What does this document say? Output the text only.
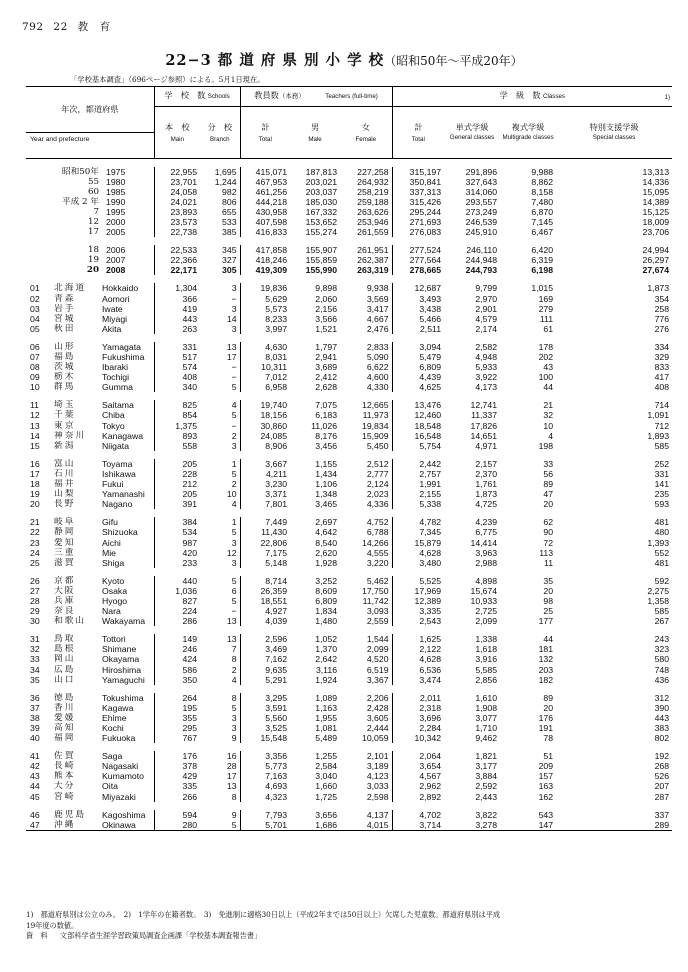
792 22 教　育
22−3 都 道 府 県 別 小 学 校（昭和50年〜平成20年）
「学校基本調査」（696ページ参照）による。5月1日現在。
年次，都道府県			学　校　数 Schools		教員数（本務） Teachers (full-time)			学　級　数 Classes 1)			

			本　校	分　校	計	男	女	計	単式学級	複式学級	特別支援学級
Year and prefecture			Main	Branch	Total	Male	Female	Total	General classes	Multigrade classes	Special classes

昭和50年		1975	22,955	1,695	415,071	187,813	227,258	315,197	291,896	9,988	13,313
55		1980	23,701	1,244	467,953	203,021	264,932	350,841	327,643	8,862	14,336
60		1985	24,058	982	461,256	203,037	258,219	337,313	314,060	8,158	15,095
平成 2 年		1990	24,021	806	444,218	185,030	259,188	315,426	293,557	7,480	14,389
7		1995	23,893	655	430,958	167,332	263,626	295,244	273,249	6,870	15,125
12		2000	23,573	533	407,598	153,652	253,946	271,693	246,539	7,145	18,009
17		2005	22,738	385	416,833	155,274	261,559	276,083	245,910	6,467	23,706

18		2006	22,533	345	417,858	155,907	261,951	277,524	246,110	6,420	24,994
19		2007	22,366	327	418,246	155,859	262,387	277,564	244,948	6,319	26,297
20		2008	22,171	305	419,309	155,990	263,319	278,665	244,793	6,198	27,674

01	北海道	Hokkaido	1,304	3	19,836	9,898	9,938	12,687	9,799	1,015	1,873
02	青森	Aomori	366	−	5,629	2,060	3,569	3,493	2,970	169	354
03	岩手	Iwate	419	3	5,573	2,156	3,417	3,438	2,901	279	258
04	宮城	Miyagi	443	14	8,233	3,566	4,667	5,466	4,579	111	776
05	秋田	Akita	263	3	3,997	1,521	2,476	2,511	2,174	61	276

06	山形	Yamagata	331	13	4,630	1,797	2,833	3,094	2,582	178	334
07	福島	Fukushima	517	17	8,031	2,941	5,090	5,479	4,948	202	329
08	茨城	Ibaraki	574	−	10,311	3,689	6,622	6,809	5,933	43	833
09	栃木	Tochigi	408	−	7,012	2,412	4,600	4,439	3,922	100	417
10	群馬	Gumma	340	5	6,958	2,628	4,330	4,625	4,173	44	408

11	埼玉	Saitama	825	4	19,740	7,075	12,665	13,476	12,741	21	714
12	千葉	Chiba	854	5	18,156	6,183	11,973	12,460	11,337	32	1,091
13	東京	Tokyo	1,375	−	30,860	11,026	19,834	18,548	17,826	10	712
14	神奈川	Kanagawa	893	2	24,085	8,176	15,909	16,548	14,651	4	1,893
15	新潟	Niigata	558	3	8,906	3,456	5,450	5,754	4,971	198	585

16	富山	Toyama	205	1	3,667	1,155	2,512	2,442	2,157	33	252
17	石川	Ishikawa	228	5	4,211	1,434	2,777	2,757	2,370	56	331
18	福井	Fukui	212	2	3,230	1,106	2,124	1,991	1,761	89	141
19	山梨	Yamanashi	205	10	3,371	1,348	2,023	2,155	1,873	47	235
20	長野	Nagano	391	4	7,801	3,465	4,336	5,338	4,725	20	593

21	岐阜	Gifu	384	1	7,449	2,697	4,752	4,782	4,239	62	481
22	静岡	Shizuoka	534	5	11,430	4,642	6,788	7,345	6,775	90	480
23	愛知	Aichi	987	3	22,806	8,540	14,266	15,879	14,414	72	1,393
24	三重	Mie	420	12	7,175	2,620	4,555	4,628	3,963	113	552
25	滋賀	Shiga	233	3	5,148	1,928	3,220	3,480	2,988	11	481

26	京都	Kyoto	440	5	8,714	3,252	5,462	5,525	4,898	35	592
27	大阪	Osaka	1,036	6	26,359	8,609	17,750	17,969	15,674	20	2,275
28	兵庫	Hyogo	827	5	18,551	6,809	11,742	12,389	10,933	98	1,358
29	奈良	Nara	224	−	4,927	1,834	3,093	3,335	2,725	25	585
30	和歌山	Wakayama	286	13	4,039	1,480	2,559	2,543	2,099	177	267

31	鳥取	Tottori	149	13	2,596	1,052	1,544	1,625	1,338	44	243
32	島根	Shimane	246	7	3,469	1,370	2,099	2,122	1,618	181	323
33	岡山	Okayama	424	8	7,162	2,642	4,520	4,628	3,916	132	580
34	広島	Hiroshima	586	2	9,635	3,116	6,519	6,536	5,585	203	748
35	山口	Yamaguchi	350	4	5,291	1,924	3,367	3,474	2,856	182	436

36	徳島	Tokushima	264	8	3,295	1,089	2,206	2,011	1,610	89	312
37	香川	Kagawa	195	5	3,591	1,163	2,428	2,318	1,908	20	390
38	愛媛	Ehime	355	3	5,560	1,955	3,605	3,696	3,077	176	443
39	高知	Kochi	295	3	3,525	1,081	2,444	2,284	1,710	191	383
40	福岡	Fukuoka	767	9	15,548	5,489	10,059	10,342	9,462	78	802

41	佐賀	Saga	176	16	3,356	1,255	2,101	2,064	1,821	51	192
42	長崎	Nagasaki	378	28	5,773	2,584	3,189	3,654	3,177	209	268
43	熊本	Kumamoto	429	17	7,163	3,040	4,123	4,567	3,884	157	526
44	大分	Oita	335	13	4,693	1,660	3,033	2,962	2,592	163	207
45	宮崎	Miyazaki	266	8	4,323	1,725	2,598	2,892	2,443	162	287

46	鹿児島	Kagoshima	594	9	7,793	3,656	4,137	4,702	3,822	543	337
47	沖縄	Okinawa	280	5	5,701	1,686	4,015	3,714	3,278	147	289
1)　都道府県別は公立のみ。　2)　1学年の在籍者数。　3)　免進制に適格30日以上（平成2年までは50日以上）欠席した児童数。都道府県別は平成
19年度の数値。
資　料 文部科学省生涯学習政策局調査企画課「学校基本調査報告書」
